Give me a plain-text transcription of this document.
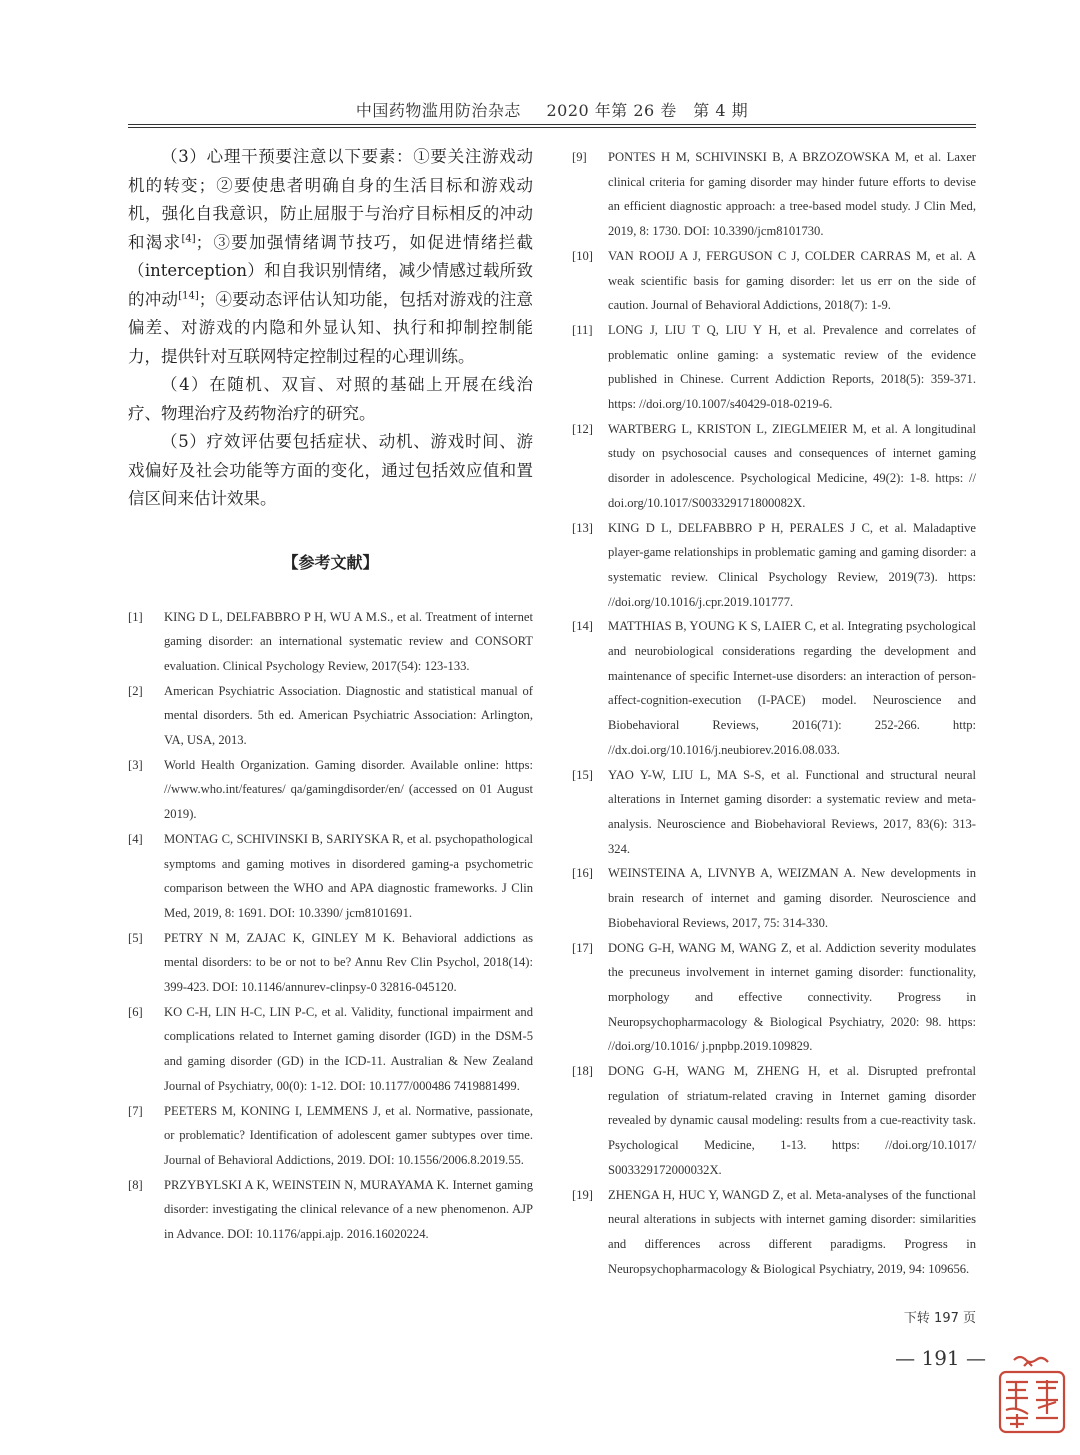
中国药物滥用防治杂志 2020 年第 26 卷　第 4 期

（3）心理干预要注意以下要素：①要关注游戏动机的转变；②要使患者明确自身的生活目标和游戏动机，强化自我意识，防止屈服于与治疗目标相反的冲动和渴求[4]；③要加强情绪调节技巧，如促进情绪拦截（interception）和自我识别情绪，减少情感过载所致的冲动[14]；④要动态评估认知功能，包括对游戏的注意偏差、对游戏的内隐和外显认知、执行和抑制控制能力，提供针对互联网特定控制过程的心理训练。

（4）在随机、双盲、对照的基础上开展在线治疗、物理治疗及药物治疗的研究。

（5）疗效评估要包括症状、动机、游戏时间、游戏偏好及社会功能等方面的变化，通过包括效应值和置信区间来估计效果。

【参考文献】
[1]	KING D L, DELFABBRO P H, WU A M.S., et al. Treatment of internet gaming disorder: an international systematic review and CONSORT evaluation. Clinical Psychology Review, 2017(54): 123-133.
[2]	American Psychiatric Association. Diagnostic and statistical manual of mental disorders. 5th ed. American Psychiatric Association: Arlington, VA, USA, 2013.
[3]	World Health Organization. Gaming disorder. Available online: https: //www.who.int/features/ qa/gamingdisorder/en/ (accessed on 01 August 2019).
[4]	MONTAG C, SCHIVINSKI B, SARIYSKA R, et al. psychopathological symptoms and gaming motives in disordered gaming-a psychometric comparison between the WHO and APA diagnostic frameworks. J Clin Med, 2019, 8: 1691. DOI: 10.3390/ jcm8101691.
[5]	PETRY N M, ZAJAC K, GINLEY M K. Behavioral addictions as mental disorders: to be or not to be? Annu Rev Clin Psychol, 2018(14): 399-423. DOI: 10.1146/annurev-clinpsy-0 32816-045120.
[6]	KO C-H, LIN H-C, LIN P-C, et al. Validity, functional impairment and complications related to Internet gaming disorder (IGD) in the DSM-5 and gaming disorder (GD) in the ICD-11. Australian & New Zealand Journal of Psychiatry, 00(0): 1-12. DOI: 10.1177/000486 7419881499.
[7]	PEETERS M, KONING I, LEMMENS J, et al. Normative, passionate, or problematic? Identification of adolescent gamer subtypes over time. Journal of Behavioral Addictions, 2019. DOI: 10.1556/2006.8.2019.55.
[8]	PRZYBYLSKI A K, WEINSTEIN N, MURAYAMA K. Internet gaming disorder: investigating the clinical relevance of a new phenomenon. AJP in Advance. DOI: 10.1176/appi.ajp. 2016.16020224.
[9]	PONTES H M, SCHIVINSKI B, A BRZOZOWSKA M, et al. Laxer clinical criteria for gaming disorder may hinder future efforts to devise an efficient diagnostic approach: a tree-based model study. J Clin Med, 2019, 8: 1730. DOI: 10.3390/jcm8101730.
[10]	VAN ROOIJ A J, FERGUSON C J, COLDER CARRAS M, et al. A weak scientific basis for gaming disorder: let us err on the side of caution. Journal of Behavioral Addictions, 2018(7): 1-9.
[11]	LONG J, LIU T Q, LIU Y H, et al. Prevalence and correlates of problematic online gaming: a systematic review of the evidence published in Chinese. Current Addiction Reports, 2018(5): 359-371. https: //doi.org/10.1007/s40429-018-0219-6.
[12]	WARTBERG L, KRISTON L, ZIEGLMEIER M, et al. A longitudinal study on psychosocial causes and consequences of internet gaming disorder in adolescence. Psychological Medicine, 49(2): 1-8. https: // doi.org/10.1017/S003329171800082X.
[13]	KING D L, DELFABBRO P H, PERALES J C, et al. Maladaptive player-game relationships in problematic gaming and gaming disorder: a systematic review. Clinical Psychology Review, 2019(73). https: //doi.org/10.1016/j.cpr.2019.101777.
[14]	MATTHIAS B, YOUNG K S, LAIER C, et al. Integrating psychological and neurobiological considerations regarding the development and maintenance of specific Internet-use disorders: an interaction of person-affect-cognition-execution (I-PACE) model. Neuroscience and Biobehavioral Reviews, 2016(71): 252-266. http: //dx.doi.org/10.1016/j.neubiorev.2016.08.033.
[15]	YAO Y-W, LIU L, MA S-S, et al. Functional and structural neural alterations in Internet gaming disorder: a systematic review and meta-analysis. Neuroscience and Biobehavioral Reviews, 2017, 83(6): 313-324.
[16]	WEINSTEINA A, LIVNYB A, WEIZMAN A. New developments in brain research of internet and gaming disorder. Neuroscience and Biobehavioral Reviews, 2017, 75: 314-330.
[17]	DONG G-H, WANG M, WANG Z, et al. Addiction severity modulates the precuneus involvement in internet gaming disorder: functionality, morphology and effective connectivity. Progress in Neuropsychopharmacology & Biological Psychiatry, 2020: 98. https: //doi.org/10.1016/ j.pnpbp.2019.109829.
[18]	DONG G-H, WANG M, ZHENG H, et al. Disrupted prefrontal regulation of striatum-related craving in Internet gaming disorder revealed by dynamic causal modeling: results from a cue-reactivity task. Psychological Medicine, 1-13. https: //doi.org/10.1017/ S003329172000032X.
[19]	ZHENGA H, HUC Y, WANGD Z, et al. Meta-analyses of the functional neural alterations in subjects with internet gaming disorder: similarities and differences across different paradigms. Progress in Neuropsychopharmacology & Biological Psychiatry, 2019, 94: 109656.
下转 197 页
— 191 —
